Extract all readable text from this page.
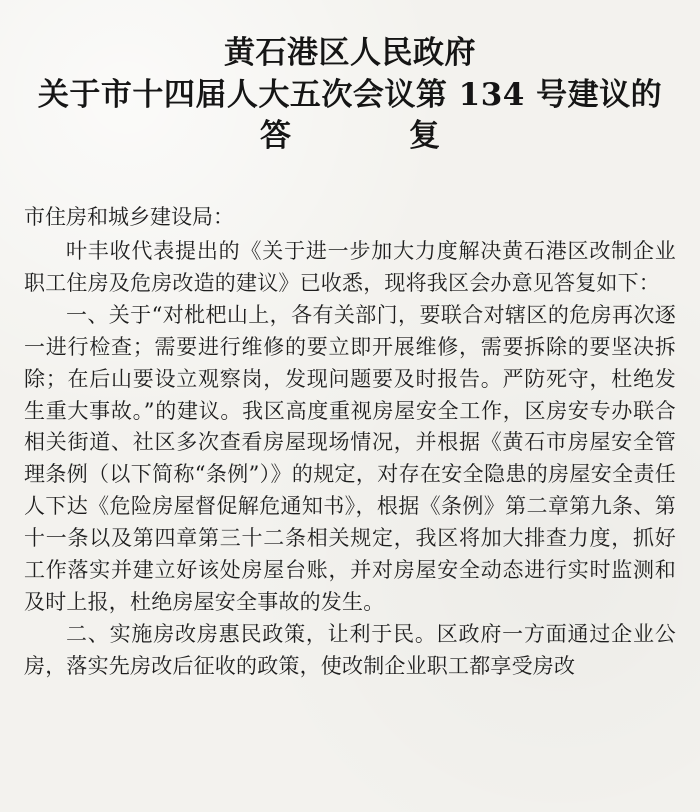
黄石港区人民政府
关于市十四届人大五次会议第 134 号建议的
答复
市住房和城乡建设局：

叶丰收代表提出的《关于进一步加大力度解决黄石港区改制企业职工住房及危房改造的建议》已收悉，现将我区会办意见答复如下：

一、关于“对枇杷山上，各有关部门，要联合对辖区的危房再次逐一进行检查；需要进行维修的要立即开展维修，需要拆除的要坚决拆除；在后山要设立观察岗，发现问题要及时报告。严防死守，杜绝发生重大事故。”的建议。我区高度重视房屋安全工作，区房安专办联合相关街道、社区多次查看房屋现场情况，并根据《黄石市房屋安全管理条例（以下简称“条例”）》的规定，对存在安全隐患的房屋安全责任人下达《危险房屋督促解危通知书》，根据《条例》第二章第九条、第十一条以及第四章第三十二条相关规定，我区将加大排查力度，抓好工作落实并建立好该处房屋台账，并对房屋安全动态进行实时监测和及时上报，杜绝房屋安全事故的发生。

二、实施房改房惠民政策，让利于民。区政府一方面通过企业公房，落实先房改后征收的政策，使改制企业职工都享受房改
